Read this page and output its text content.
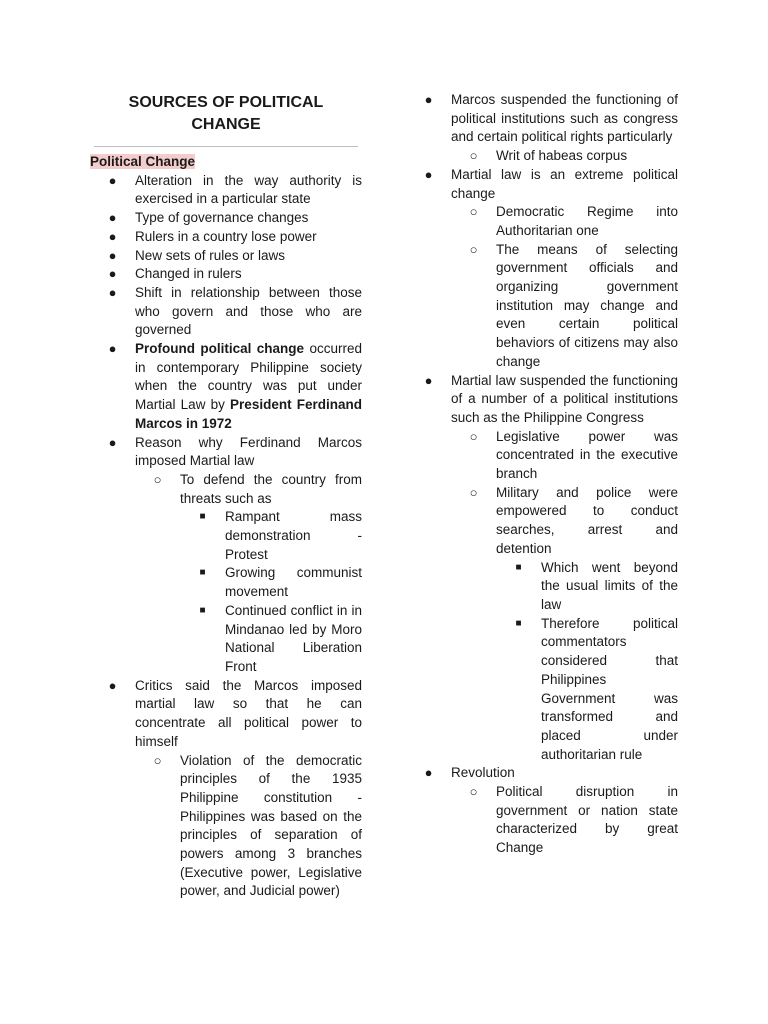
SOURCES OF POLITICAL
CHANGE

Political Change

●	Alteration in the way authority is exercised in a particular state
●	Type of governance changes
●	Rulers in a country lose power
●	New sets of rules or laws
●	Changed in rulers
●	Shift in relationship between those who govern and those who are governed
●	Profound political change occurred in contemporary Philippine society when the country was put under Martial Law by President Ferdinand Marcos in 1972
●	Reason why Ferdinand Marcos imposed Martial law
○	To defend the country from threats such as
■	Rampant mass demonstration - Protest
■	Growing communist movement
■	Continued conflict in in Mindanao led by Moro National Liberation Front
●	Critics said the Marcos imposed martial law so that he can concentrate all political power to himself
○	Violation of the democratic principles of the 1935 Philippine constitution - Philippines was based on the principles of separation of powers among 3 branches (Executive power, Legislative power, and Judicial power)
●	Marcos suspended the functioning of political institutions such as congress and certain political rights particularly
○	Writ of habeas corpus
●	Martial law is an extreme political change
○	Democratic Regime into Authoritarian one
○	The means of selecting government officials and organizing government institution may change and even certain political behaviors of citizens may also change
●	Martial law suspended the functioning of a number of a political institutions such as the Philippine Congress
○	Legislative power was concentrated in the executive branch
○	Military and police were empowered to conduct searches, arrest and detention
■	Which went beyond the usual limits of the law
■	Therefore political commentators considered that Philippines Government was transformed and placed under authoritarian rule
●	Revolution
○	Political disruption in government or nation state characterized by great Change
